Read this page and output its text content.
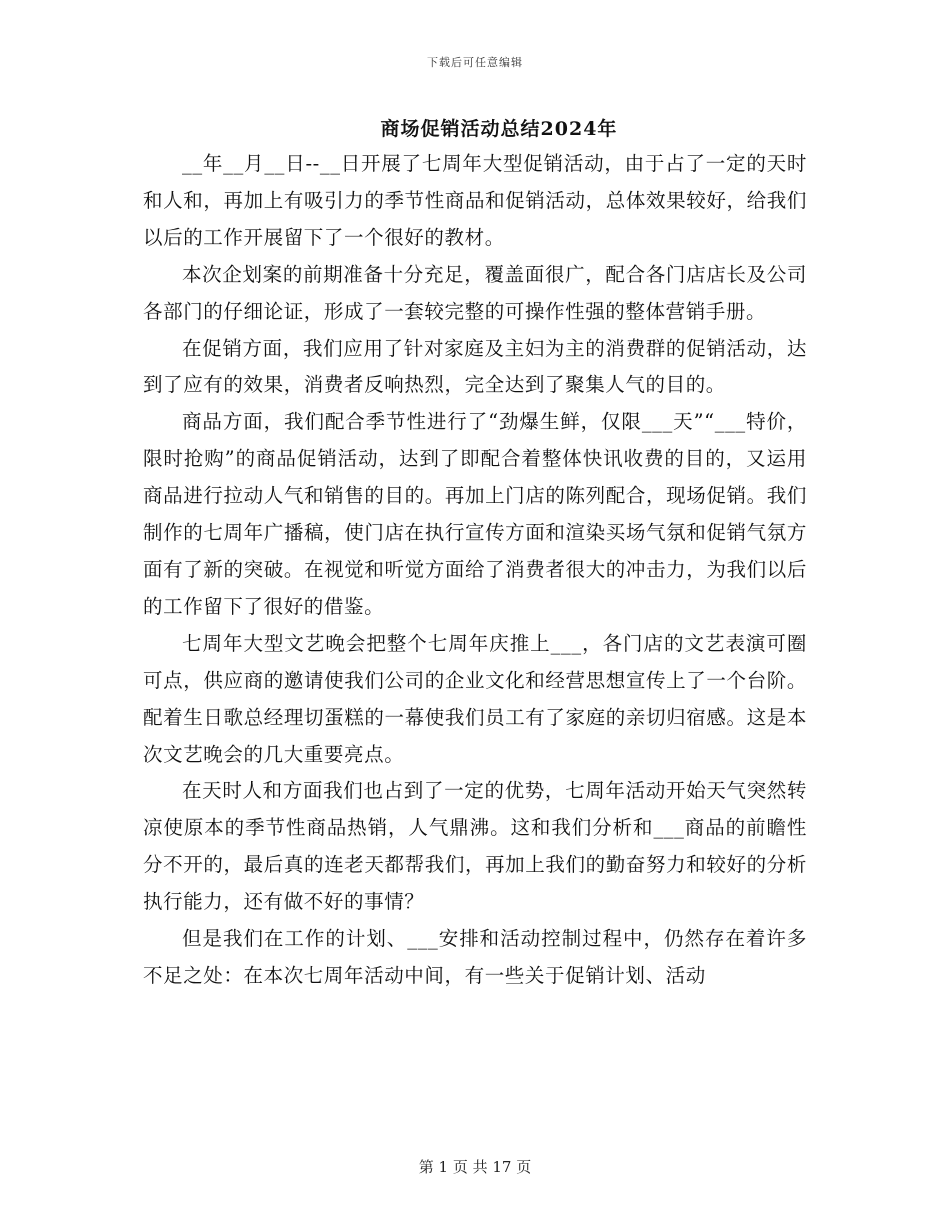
下载后可任意编辑
商场促销活动总结2024年

__年__月__日--__日开展了七周年大型促销活动，由于占了一定的天时和人和，再加上有吸引力的季节性商品和促销活动，总体效果较好，给我们以后的工作开展留下了一个很好的教材。

本次企划案的前期准备十分充足，覆盖面很广，配合各门店店长及公司各部门的仔细论证，形成了一套较完整的可操作性强的整体营销手册。

在促销方面，我们应用了针对家庭及主妇为主的消费群的促销活动，达到了应有的效果，消费者反响热烈，完全达到了聚集人气的目的。

商品方面，我们配合季节性进行了“劲爆生鲜，仅限___天”“___特价，限时抢购”的商品促销活动，达到了即配合着整体快讯收费的目的，又运用商品进行拉动人气和销售的目的。再加上门店的陈列配合，现场促销。我们制作的七周年广播稿，使门店在执行宣传方面和渲染买场气氛和促销气氛方面有了新的突破。在视觉和听觉方面给了消费者很大的冲击力，为我们以后的工作留下了很好的借鉴。

七周年大型文艺晚会把整个七周年庆推上___，各门店的文艺表演可圈可点，供应商的邀请使我们公司的企业文化和经营思想宣传上了一个台阶。配着生日歌总经理切蛋糕的一幕使我们员工有了家庭的亲切归宿感。这是本次文艺晚会的几大重要亮点。

在天时人和方面我们也占到了一定的优势，七周年活动开始天气突然转凉使原本的季节性商品热销，人气鼎沸。这和我们分析和___商品的前瞻性分不开的，最后真的连老天都帮我们，再加上我们的勤奋努力和较好的分析执行能力，还有做不好的事情？

但是我们在工作的计划、___安排和活动控制过程中，仍然存在着许多不足之处：在本次七周年活动中间，有一些关于促销计划、活动

第 1 页 共 17 页
